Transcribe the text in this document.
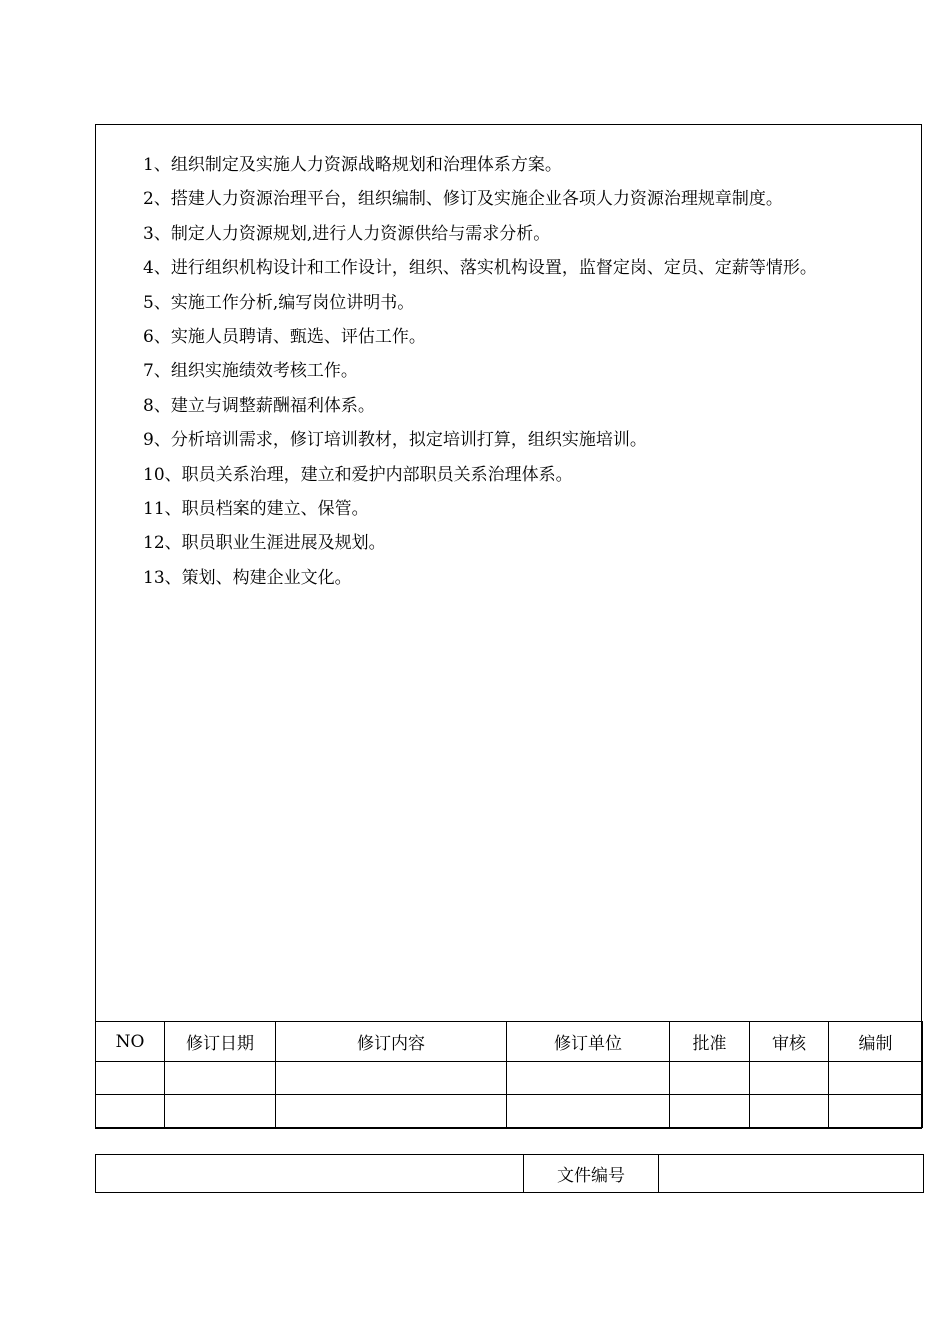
1、组织制定及实施人力资源战略规划和治理体系方案。
2、搭建人力资源治理平台，组织编制、修订及实施企业各项人力资源治理规章制度。
3、制定人力资源规划,进行人力资源供给与需求分析。
4、进行组织机构设计和工作设计，组织、落实机构设置，监督定岗、定员、定薪等情形。
5、实施工作分析,编写岗位讲明书。
6、实施人员聘请、甄选、评估工作。
7、组织实施绩效考核工作。
8、建立与调整薪酬福利体系。
9、分析培训需求，修订培训教材，拟定培训打算，组织实施培训。
10、职员关系治理，建立和爱护内部职员关系治理体系。
11、职员档案的建立、保管。
12、职员职业生涯进展及规划。
13、策划、构建企业文化。
NO	修订日期	修订内容	修订单位	批准	审核	编制

	文件编号	
